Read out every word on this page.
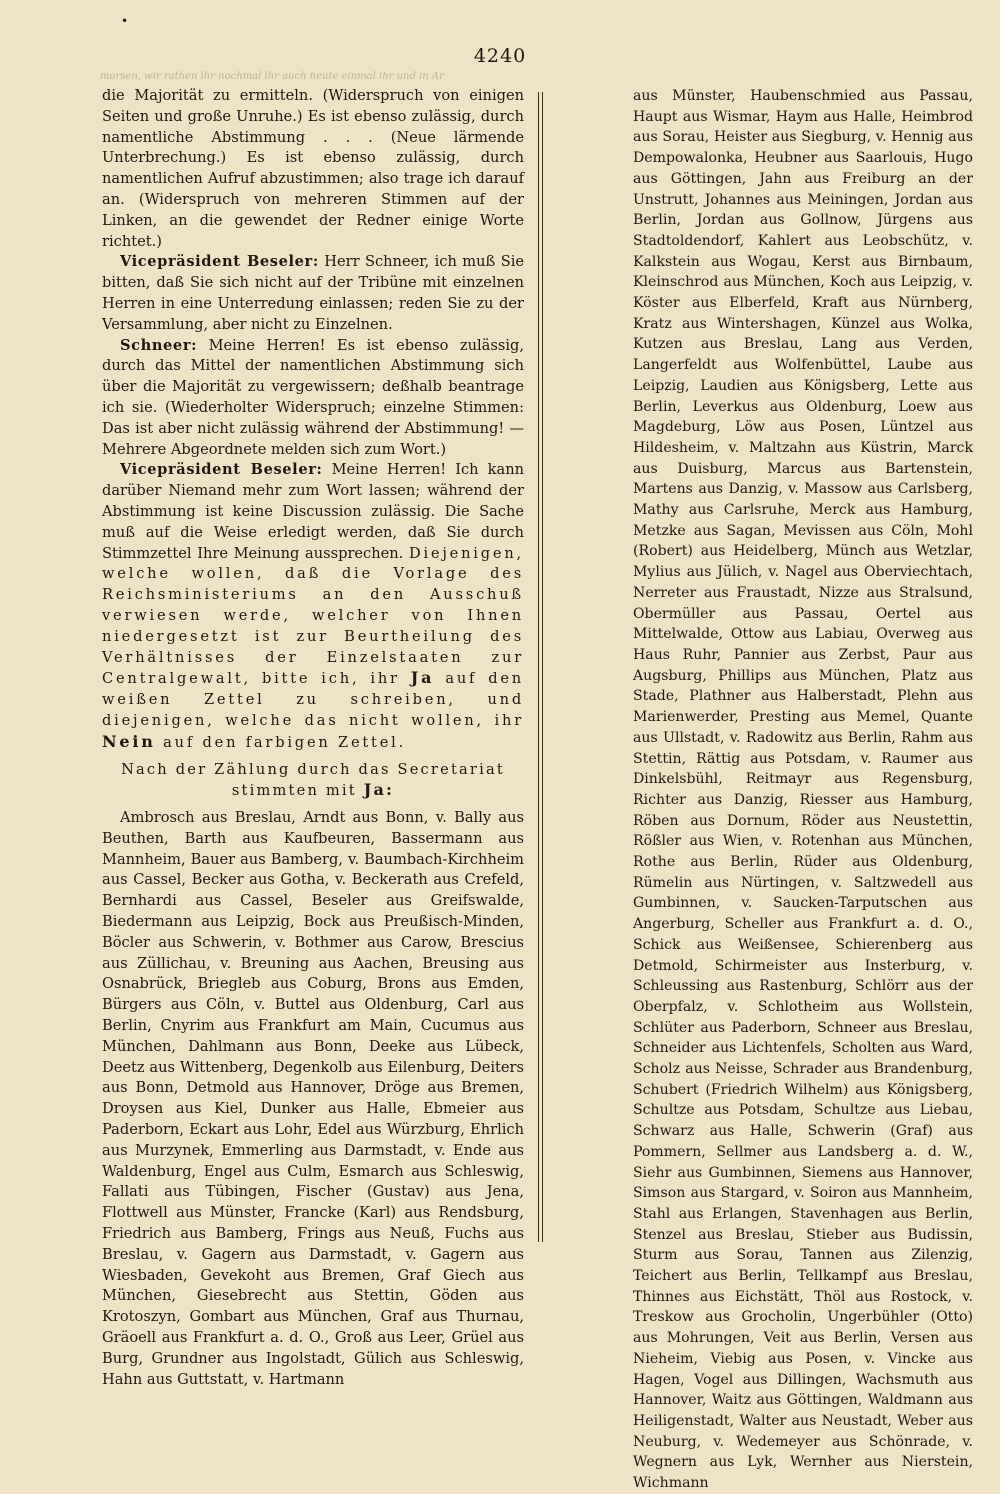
•
4240
morsen, wir rathen ihr nochmal ihr auch heute einmal ihr und in Ar

die Majorität zu ermitteln. (Widerspruch von einigen Seiten und große Unruhe.) Es ist ebenso zulässig, durch namentliche Abstimmung . . . (Neue lärmende Unterbrechung.) Es ist ebenso zulässig, durch namentlichen Aufruf abzustimmen; also trage ich darauf an. (Widerspruch von mehreren Stimmen auf der Linken, an die gewendet der Redner einige Worte richtet.)

Vicepräsident Beseler: Herr Schneer, ich muß Sie bitten, daß Sie sich nicht auf der Tribüne mit einzelnen Herren in eine Unterredung einlassen; reden Sie zu der Versammlung, aber nicht zu Einzelnen.

Schneer: Meine Herren! Es ist ebenso zulässig, durch das Mittel der namentlichen Abstimmung sich über die Majorität zu vergewissern; deßhalb beantrage ich sie. (Wiederholter Widerspruch; einzelne Stimmen: Das ist aber nicht zulässig während der Abstimmung! — Mehrere Abgeordnete melden sich zum Wort.)

Vicepräsident Beseler: Meine Herren! Ich kann darüber Niemand mehr zum Wort lassen; während der Abstimmung ist keine Discussion zulässig. Die Sache muß auf die Weise erledigt werden, daß Sie durch Stimmzettel Ihre Meinung aussprechen. Diejenigen, welche wollen, daß die Vorlage des Reichsministeriums an den Ausschuß verwiesen werde, welcher von Ihnen niedergesetzt ist zur Beurtheilung des Verhältnisses der Einzelstaaten zur Centralgewalt, bitte ich, ihr Ja auf den weißen Zettel zu schreiben, und diejenigen, welche das nicht wollen, ihr Nein auf den farbigen Zettel.

Nach der Zählung durch das Secretariat stimmten mit Ja:

Ambrosch aus Breslau, Arndt aus Bonn, v. Bally aus Beuthen, Barth aus Kaufbeuren, Bassermann aus Mannheim, Bauer aus Bamberg, v. Baumbach-Kirchheim aus Cassel, Becker aus Gotha, v. Beckerath aus Crefeld, Bernhardi aus Cassel, Beseler aus Greifswalde, Biedermann aus Leipzig, Bock aus Preußisch-Minden, Böcler aus Schwerin, v. Bothmer aus Carow, Brescius aus Züllichau, v. Breuning aus Aachen, Breusing aus Osnabrück, Briegleb aus Coburg, Brons aus Emden, Bürgers aus Cöln, v. Buttel aus Oldenburg, Carl aus Berlin, Cnyrim aus Frankfurt am Main, Cucumus aus München, Dahlmann aus Bonn, Deeke aus Lübeck, Deetz aus Wittenberg, Degenkolb aus Eilenburg, Deiters aus Bonn, Detmold aus Hannover, Dröge aus Bremen, Droysen aus Kiel, Dunker aus Halle, Ebmeier aus Paderborn, Eckart aus Lohr, Edel aus Würzburg, Ehrlich aus Murzynek, Emmerling aus Darmstadt, v. Ende aus Waldenburg, Engel aus Culm, Esmarch aus Schleswig, Fallati aus Tübingen, Fischer (Gustav) aus Jena, Flottwell aus Münster, Francke (Karl) aus Rendsburg, Friedrich aus Bamberg, Frings aus Neuß, Fuchs aus Breslau, v. Gagern aus Darmstadt, v. Gagern aus Wiesbaden, Gevekoht aus Bremen, Graf Giech aus München, Giesebrecht aus Stettin, Göden aus Krotoszyn, Gombart aus München, Graf aus Thurnau, Gräoell aus Frankfurt a. d. O., Groß aus Leer, Grüel aus Burg, Grundner aus Ingolstadt, Gülich aus Schleswig, Hahn aus Guttstatt, v. Hartmann

aus Münster, Haubenschmied aus Passau, Haupt aus Wismar, Haym aus Halle, Heimbrod aus Sorau, Heister aus Siegburg, v. Hennig aus Dempowalonka, Heubner aus Saarlouis, Hugo aus Göttingen, Jahn aus Freiburg an der Unstrutt, Johannes aus Meiningen, Jordan aus Berlin, Jordan aus Gollnow, Jürgens aus Stadtoldendorf, Kahlert aus Leobschütz, v. Kalkstein aus Wogau, Kerst aus Birnbaum, Kleinschrod aus München, Koch aus Leipzig, v. Köster aus Elberfeld, Kraft aus Nürnberg, Kratz aus Wintershagen, Künzel aus Wolka, Kutzen aus Breslau, Lang aus Verden, Langerfeldt aus Wolfenbüttel, Laube aus Leipzig, Laudien aus Königsberg, Lette aus Berlin, Leverkus aus Oldenburg, Loew aus Magdeburg, Löw aus Posen, Lüntzel aus Hildesheim, v. Maltzahn aus Küstrin, Marck aus Duisburg, Marcus aus Bartenstein, Martens aus Danzig, v. Massow aus Carlsberg, Mathy aus Carlsruhe, Merck aus Hamburg, Metzke aus Sagan, Mevissen aus Cöln, Mohl (Robert) aus Heidelberg, Münch aus Wetzlar, Mylius aus Jülich, v. Nagel aus Oberviechtach, Nerreter aus Fraustadt, Nizze aus Stralsund, Obermüller aus Passau, Oertel aus Mittelwalde, Ottow aus Labiau, Overweg aus Haus Ruhr, Pannier aus Zerbst, Paur aus Augsburg, Phillips aus München, Platz aus Stade, Plathner aus Halberstadt, Plehn aus Marienwerder, Presting aus Memel, Quante aus Ullstadt, v. Radowitz aus Berlin, Rahm aus Stettin, Rättig aus Potsdam, v. Raumer aus Dinkelsbühl, Reitmayr aus Regensburg, Richter aus Danzig, Riesser aus Hamburg, Röben aus Dornum, Röder aus Neustettin, Rößler aus Wien, v. Rotenhan aus München, Rothe aus Berlin, Rüder aus Oldenburg, Rümelin aus Nürtingen, v. Saltzwedell aus Gumbinnen, v. Saucken-Tarputschen aus Angerburg, Scheller aus Frankfurt a. d. O., Schick aus Weißensee, Schierenberg aus Detmold, Schirmeister aus Insterburg, v. Schleussing aus Rastenburg, Schlörr aus der Oberpfalz, v. Schlotheim aus Wollstein, Schlüter aus Paderborn, Schneer aus Breslau, Schneider aus Lichtenfels, Scholten aus Ward, Scholz aus Neisse, Schrader aus Brandenburg, Schubert (Friedrich Wilhelm) aus Königsberg, Schultze aus Potsdam, Schultze aus Liebau, Schwarz aus Halle, Schwerin (Graf) aus Pommern, Sellmer aus Landsberg a. d. W., Siehr aus Gumbinnen, Siemens aus Hannover, Simson aus Stargard, v. Soiron aus Mannheim, Stahl aus Erlangen, Stavenhagen aus Berlin, Stenzel aus Breslau, Stieber aus Budissin, Sturm aus Sorau, Tannen aus Zilenzig, Teichert aus Berlin, Tellkampf aus Breslau, Thinnes aus Eichstätt, Thöl aus Rostock, v. Treskow aus Grocholin, Ungerbühler (Otto) aus Mohrungen, Veit aus Berlin, Versen aus Nieheim, Viebig aus Posen, v. Vincke aus Hagen, Vogel aus Dillingen, Wachsmuth aus Hannover, Waitz aus Göttingen, Waldmann aus Heiligenstadt, Walter aus Neustadt, Weber aus Neuburg, v. Wedemeyer aus Schönrade, v. Wegnern aus Lyk, Wernher aus Nierstein, Wichmann
